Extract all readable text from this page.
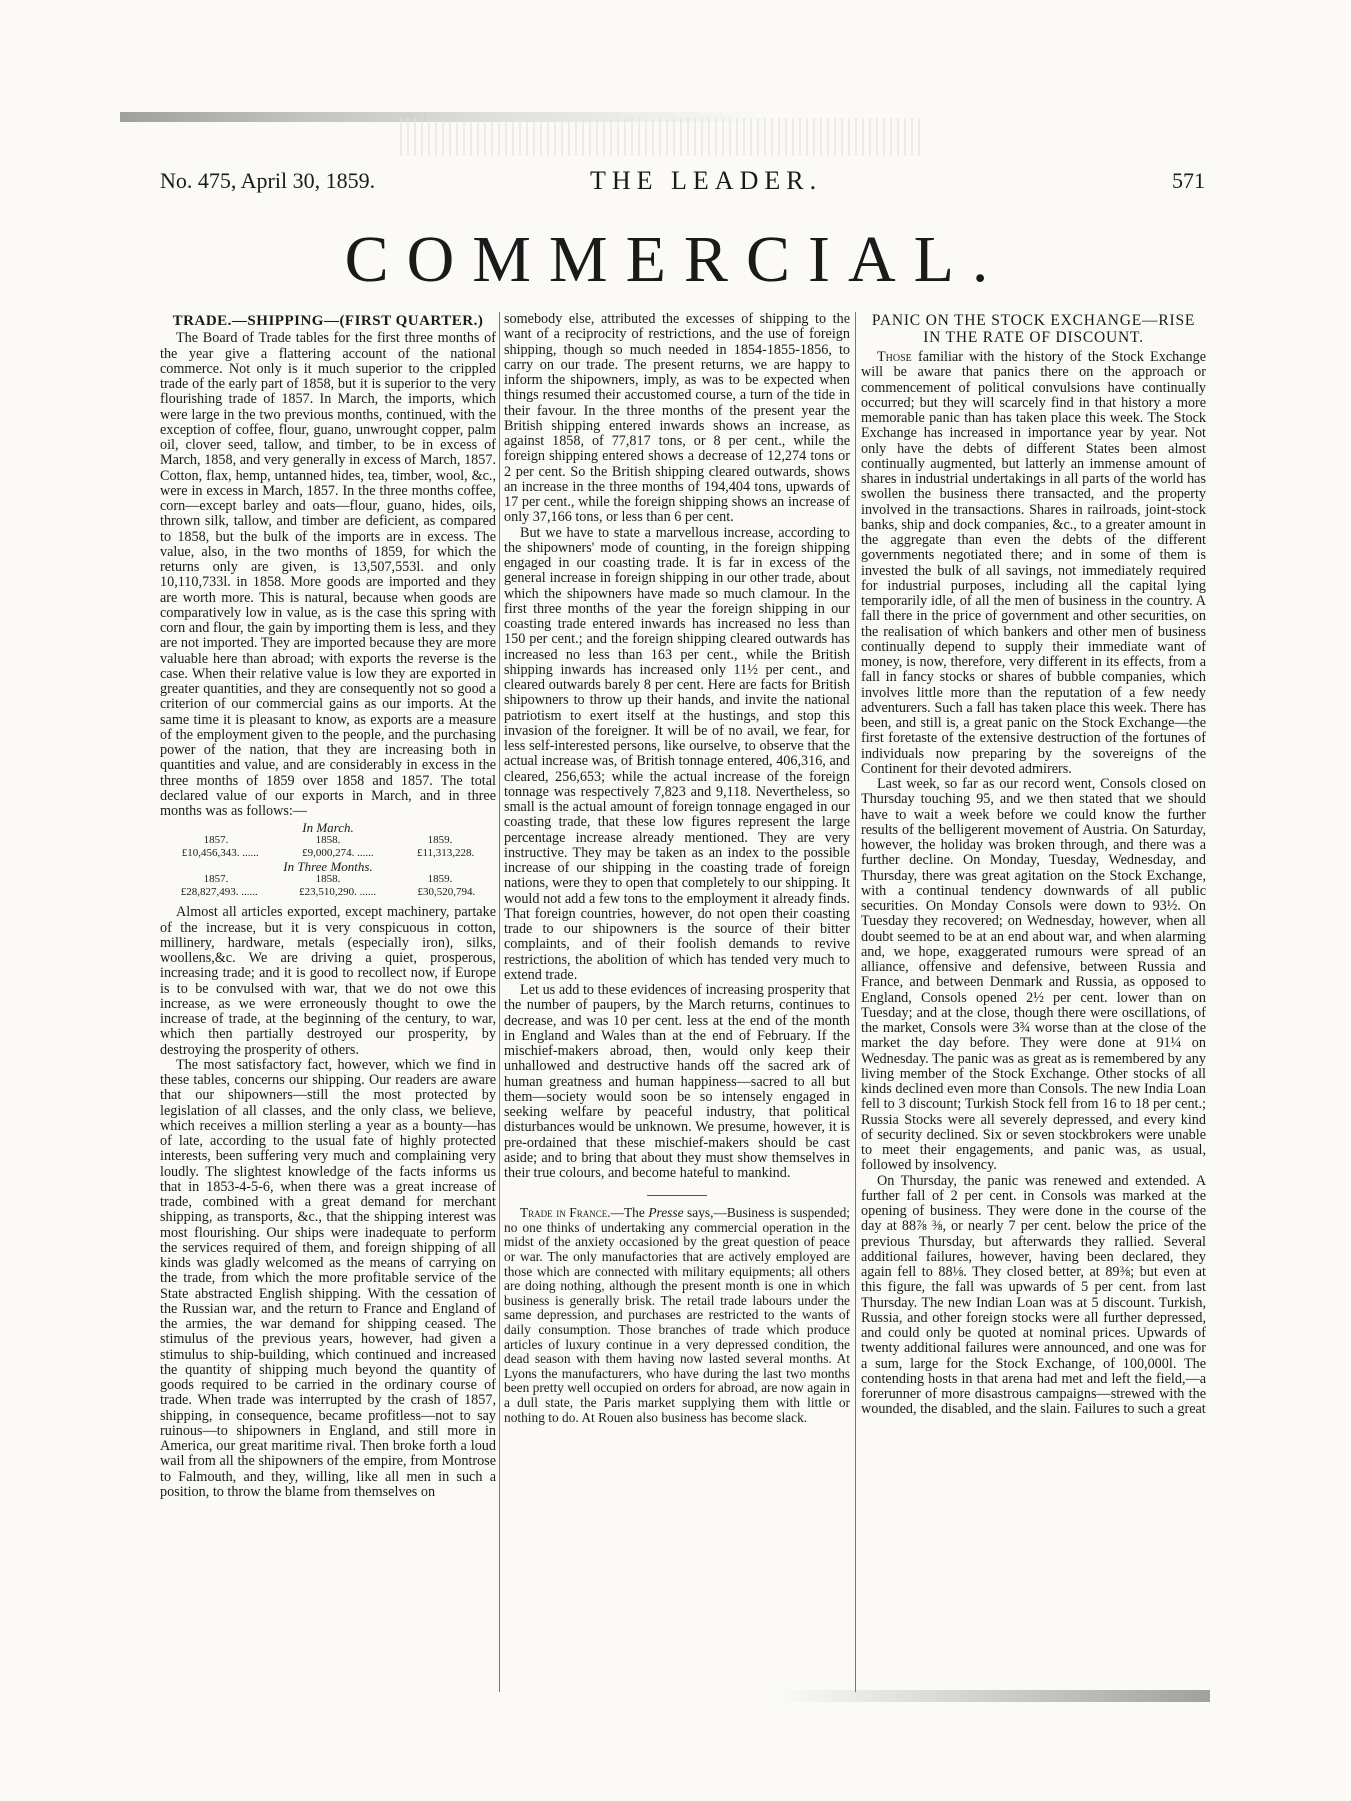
No. 475, April 30, 1859.	THE LEADER.	571
COMMERCIAL.
TRADE.—SHIPPING—(FIRST QUARTER.)

The Board of Trade tables for the first three months of the year give a flattering account of the national commerce. Not only is it much superior to the crippled trade of the early part of 1858, but it is superior to the very flourishing trade of 1857. In March, the imports, which were large in the two previous months, continued, with the exception of coffee, flour, guano, unwrought copper, palm oil, clover seed, tallow, and timber, to be in excess of March, 1858, and very generally in excess of March, 1857. Cotton, flax, hemp, untanned hides, tea, timber, wool, &c., were in excess in March, 1857. In the three months coffee, corn—except barley and oats—flour, guano, hides, oils, thrown silk, tallow, and timber are deficient, as compared to 1858, but the bulk of the imports are in excess. The value, also, in the two months of 1859, for which the returns only are given, is 13,507,553l. and only 10,110,733l. in 1858. More goods are imported and they are worth more. This is natural, because when goods are comparatively low in value, as is the case this spring with corn and flour, the gain by importing them is less, and they are not imported. They are imported because they are more valuable here than abroad; with exports the reverse is the case. When their relative value is low they are exported in greater quantities, and they are consequently not so good a criterion of our commercial gains as our imports. At the same time it is pleasant to know, as exports are a measure of the employment given to the people, and the purchasing power of the nation, that they are increasing both in quantities and value, and are considerably in excess in the three months of 1859 over 1858 and 1857. The total declared value of our exports in March, and in three months was as follows:—

In March.
1857.	1858.	1859.
£10,456,343. ......	£9,000,274. ......	£11,313,228.
In Three Months.
1857.	1858.	1859.
£28,827,493. ......	£23,510,290. ......	£30,520,794.

Almost all articles exported, except machinery, partake of the increase, but it is very conspicuous in cotton, millinery, hardware, metals (especially iron), silks, woollens,&c. We are driving a quiet, prosperous, increasing trade; and it is good to recollect now, if Europe is to be convulsed with war, that we do not owe this increase, as we were erroneously thought to owe the increase of trade, at the beginning of the century, to war, which then partially destroyed our prosperity, by destroying the prosperity of others.

The most satisfactory fact, however, which we find in these tables, concerns our shipping. Our readers are aware that our shipowners—still the most protected by legislation of all classes, and the only class, we believe, which receives a million sterling a year as a bounty—has of late, according to the usual fate of highly protected interests, been suffering very much and complaining very loudly. The slightest knowledge of the facts informs us that in 1853-4-5-6, when there was a great increase of trade, combined with a great demand for merchant shipping, as transports, &c., that the shipping interest was most flourishing. Our ships were inadequate to perform the services required of them, and foreign shipping of all kinds was gladly welcomed as the means of carrying on the trade, from which the more profitable service of the State abstracted English shipping. With the cessation of the Russian war, and the return to France and England of the armies, the war demand for shipping ceased. The stimulus of the previous years, however, had given a stimulus to ship-building, which continued and increased the quantity of shipping much beyond the quantity of goods required to be carried in the ordinary course of trade. When trade was interrupted by the crash of 1857, shipping, in consequence, became profitless—not to say ruinous—to shipowners in England, and still more in America, our great maritime rival. Then broke forth a loud wail from all the shipowners of the empire, from Montrose to Falmouth, and they, willing, like all men in such a position, to throw the blame from themselves on

somebody else, attributed the excesses of shipping to the want of a reciprocity of restrictions, and the use of foreign shipping, though so much needed in 1854-1855-1856, to carry on our trade. The present returns, we are happy to inform the shipowners, imply, as was to be expected when things resumed their accustomed course, a turn of the tide in their favour. In the three months of the present year the British shipping entered inwards shows an increase, as against 1858, of 77,817 tons, or 8 per cent., while the foreign shipping entered shows a decrease of 12,274 tons or 2 per cent. So the British shipping cleared outwards, shows an increase in the three months of 194,404 tons, upwards of 17 per cent., while the foreign shipping shows an increase of only 37,166 tons, or less than 6 per cent.

But we have to state a marvellous increase, according to the shipowners' mode of counting, in the foreign shipping engaged in our coasting trade. It is far in excess of the general increase in foreign shipping in our other trade, about which the shipowners have made so much clamour. In the first three months of the year the foreign shipping in our coasting trade entered inwards has increased no less than 150 per cent.; and the foreign shipping cleared outwards has increased no less than 163 per cent., while the British shipping inwards has increased only 11½ per cent., and cleared outwards barely 8 per cent. Here are facts for British shipowners to throw up their hands, and invite the national patriotism to exert itself at the hustings, and stop this invasion of the foreigner. It will be of no avail, we fear, for less self-interested persons, like ourselve, to observe that the actual increase was, of British tonnage entered, 406,316, and cleared, 256,653; while the actual increase of the foreign tonnage was respectively 7,823 and 9,118. Nevertheless, so small is the actual amount of foreign tonnage engaged in our coasting trade, that these low figures represent the large percentage increase already mentioned. They are very instructive. They may be taken as an index to the possible increase of our shipping in the coasting trade of foreign nations, were they to open that completely to our shipping. It would not add a few tons to the employment it already finds. That foreign countries, however, do not open their coasting trade to our shipowners is the source of their bitter complaints, and of their foolish demands to revive restrictions, the abolition of which has tended very much to extend trade.

Let us add to these evidences of increasing prosperity that the number of paupers, by the March returns, continues to decrease, and was 10 per cent. less at the end of the month in England and Wales than at the end of February. If the mischief-makers abroad, then, would only keep their unhallowed and destructive hands off the sacred ark of human greatness and human happiness—sacred to all but them—society would soon be so intensely engaged in seeking welfare by peaceful industry, that political disturbances would be unknown. We presume, however, it is pre-ordained that these mischief-makers should be cast aside; and to bring that about they must show themselves in their true colours, and become hateful to mankind.

Trade in France.—The Presse says,—Business is suspended; no one thinks of undertaking any commercial operation in the midst of the anxiety occasioned by the great question of peace or war. The only manufactories that are actively employed are those which are connected with military equipments; all others are doing nothing, although the present month is one in which business is generally brisk. The retail trade labours under the same depression, and purchases are restricted to the wants of daily consumption. Those branches of trade which produce articles of luxury continue in a very depressed condition, the dead season with them having now lasted several months. At Lyons the manufacturers, who have during the last two months been pretty well occupied on orders for abroad, are now again in a dull state, the Paris market supplying them with little or nothing to do. At Rouen also business has become slack.

PANIC ON THE STOCK EXCHANGE—RISE IN THE RATE OF DISCOUNT.

Those familiar with the history of the Stock Exchange will be aware that panics there on the approach or commencement of political convulsions have continually occurred; but they will scarcely find in that history a more memorable panic than has taken place this week. The Stock Exchange has increased in importance year by year. Not only have the debts of different States been almost continually augmented, but latterly an immense amount of shares in industrial undertakings in all parts of the world has swollen the business there transacted, and the property involved in the transactions. Shares in railroads, joint-stock banks, ship and dock companies, &c., to a greater amount in the aggregate than even the debts of the different governments negotiated there; and in some of them is invested the bulk of all savings, not immediately required for industrial purposes, including all the capital lying temporarily idle, of all the men of business in the country. A fall there in the price of government and other securities, on the realisation of which bankers and other men of business continually depend to supply their immediate want of money, is now, therefore, very different in its effects, from a fall in fancy stocks or shares of bubble companies, which involves little more than the reputation of a few needy adventurers. Such a fall has taken place this week. There has been, and still is, a great panic on the Stock Exchange—the first foretaste of the extensive destruction of the fortunes of individuals now preparing by the sovereigns of the Continent for their devoted admirers.

Last week, so far as our record went, Consols closed on Thursday touching 95, and we then stated that we should have to wait a week before we could know the further results of the belligerent movement of Austria. On Saturday, however, the holiday was broken through, and there was a further decline. On Monday, Tuesday, Wednesday, and Thursday, there was great agitation on the Stock Exchange, with a continual tendency downwards of all public securities. On Monday Consols were down to 93½. On Tuesday they recovered; on Wednesday, however, when all doubt seemed to be at an end about war, and when alarming and, we hope, exaggerated rumours were spread of an alliance, offensive and defensive, between Russia and France, and between Denmark and Russia, as opposed to England, Consols opened 2½ per cent. lower than on Tuesday; and at the close, though there were oscillations, of the market, Consols were 3¾ worse than at the close of the market the day before. They were done at 91¼ on Wednesday. The panic was as great as is remembered by any living member of the Stock Exchange. Other stocks of all kinds declined even more than Consols. The new India Loan fell to 3 discount; Turkish Stock fell from 16 to 18 per cent.; Russia Stocks were all severely depressed, and every kind of security declined. Six or seven stockbrokers were unable to meet their engagements, and panic was, as usual, followed by insolvency.

On Thursday, the panic was renewed and extended. A further fall of 2 per cent. in Consols was marked at the opening of business. They were done in the course of the day at 88⅞ ⅜, or nearly 7 per cent. below the price of the previous Thursday, but afterwards they rallied. Several additional failures, however, having been declared, they again fell to 88⅛. They closed better, at 89⅜; but even at this figure, the fall was upwards of 5 per cent. from last Thursday. The new Indian Loan was at 5 discount. Turkish, Russia, and other foreign stocks were all further depressed, and could only be quoted at nominal prices. Upwards of twenty additional failures were announced, and one was for a sum, large for the Stock Exchange, of 100,000l. The contending hosts in that arena had met and left the field,—a forerunner of more disastrous campaigns—strewed with the wounded, the disabled, and the slain. Failures to such a great
